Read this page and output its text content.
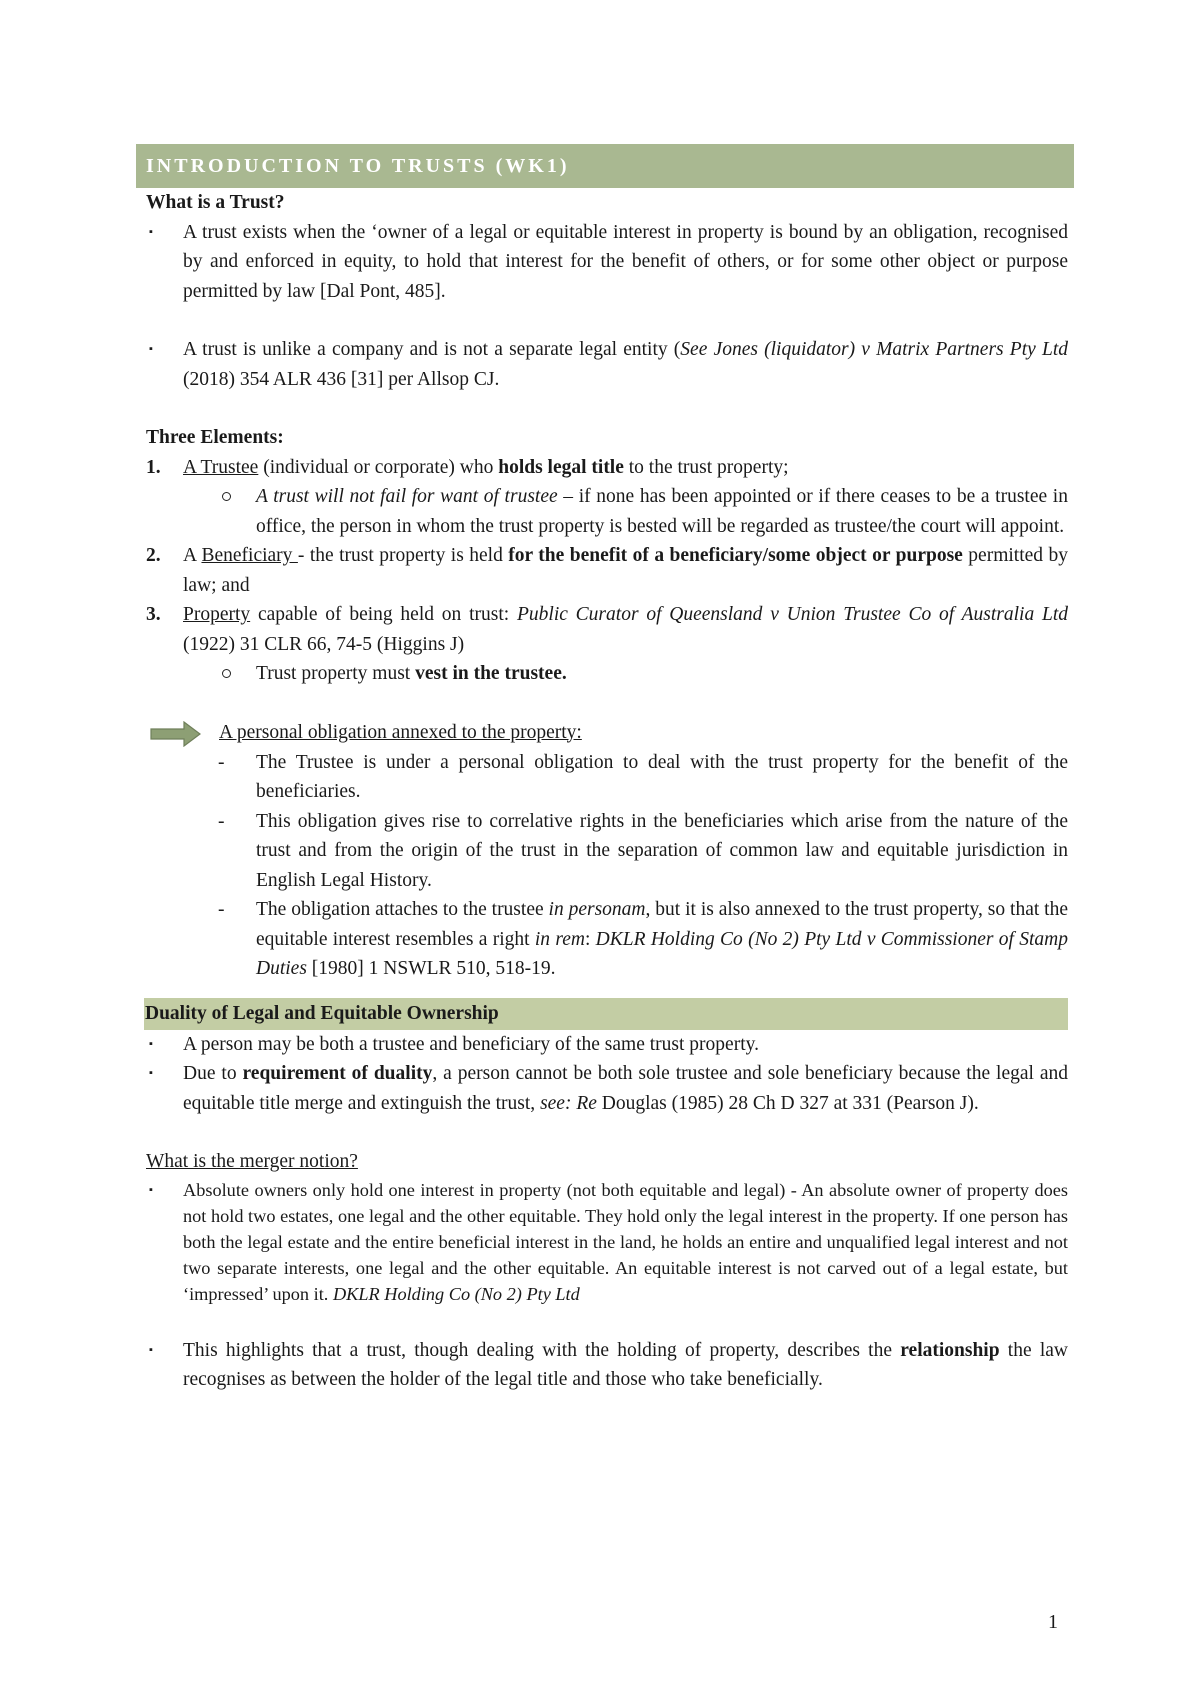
INTRODUCTION TO TRUSTS (WK1)
What is a Trust?
▪ A trust exists when the ‘owner of a legal or equitable interest in property is bound by an obligation, recognised by and enforced in equity, to hold that interest for the benefit of others, or for some other object or purpose permitted by law [Dal Pont, 485].
▪ A trust is unlike a company and is not a separate legal entity (See Jones (liquidator) v Matrix Partners Pty Ltd (2018) 354 ALR 436 [31] per Allsop CJ.
Three Elements:
1. A Trustee (individual or corporate) who holds legal title to the trust property;
A trust will not fail for want of trustee – if none has been appointed or if there ceases to be a trustee in office, the person in whom the trust property is bested will be regarded as trustee/the court will appoint.
2. A Beneficiary - the trust property is held for the benefit of a beneficiary/some object or purpose permitted by law; and
3. Property capable of being held on trust: Public Curator of Queensland v Union Trustee Co of Australia Ltd (1922) 31 CLR 66, 74-5 (Higgins J)
Trust property must vest in the trustee.
A personal obligation annexed to the property:
- The Trustee is under a personal obligation to deal with the trust property for the benefit of the beneficiaries.
- This obligation gives rise to correlative rights in the beneficiaries which arise from the nature of the trust and from the origin of the trust in the separation of common law and equitable jurisdiction in English Legal History.
- The obligation attaches to the trustee in personam, but it is also annexed to the trust property, so that the equitable interest resembles a right in rem: DKLR Holding Co (No 2) Pty Ltd v Commissioner of Stamp Duties [1980] 1 NSWLR 510, 518-19.
Duality of Legal and Equitable Ownership
▪ A person may be both a trustee and beneficiary of the same trust property.
▪ Due to requirement of duality, a person cannot be both sole trustee and sole beneficiary because the legal and equitable title merge and extinguish the trust, see: Re Douglas (1985) 28 Ch D 327 at 331 (Pearson J).
What is the merger notion?
▪ Absolute owners only hold one interest in property (not both equitable and legal) - An absolute owner of property does not hold two estates, one legal and the other equitable. They hold only the legal interest in the property. If one person has both the legal estate and the entire beneficial interest in the land, he holds an entire and unqualified legal interest and not two separate interests, one legal and the other equitable. An equitable interest is not carved out of a legal estate, but ‘impressed’ upon it. DKLR Holding Co (No 2) Pty Ltd
▪ This highlights that a trust, though dealing with the holding of property, describes the relationship the law recognises as between the holder of the legal title and those who take beneficially.
1
